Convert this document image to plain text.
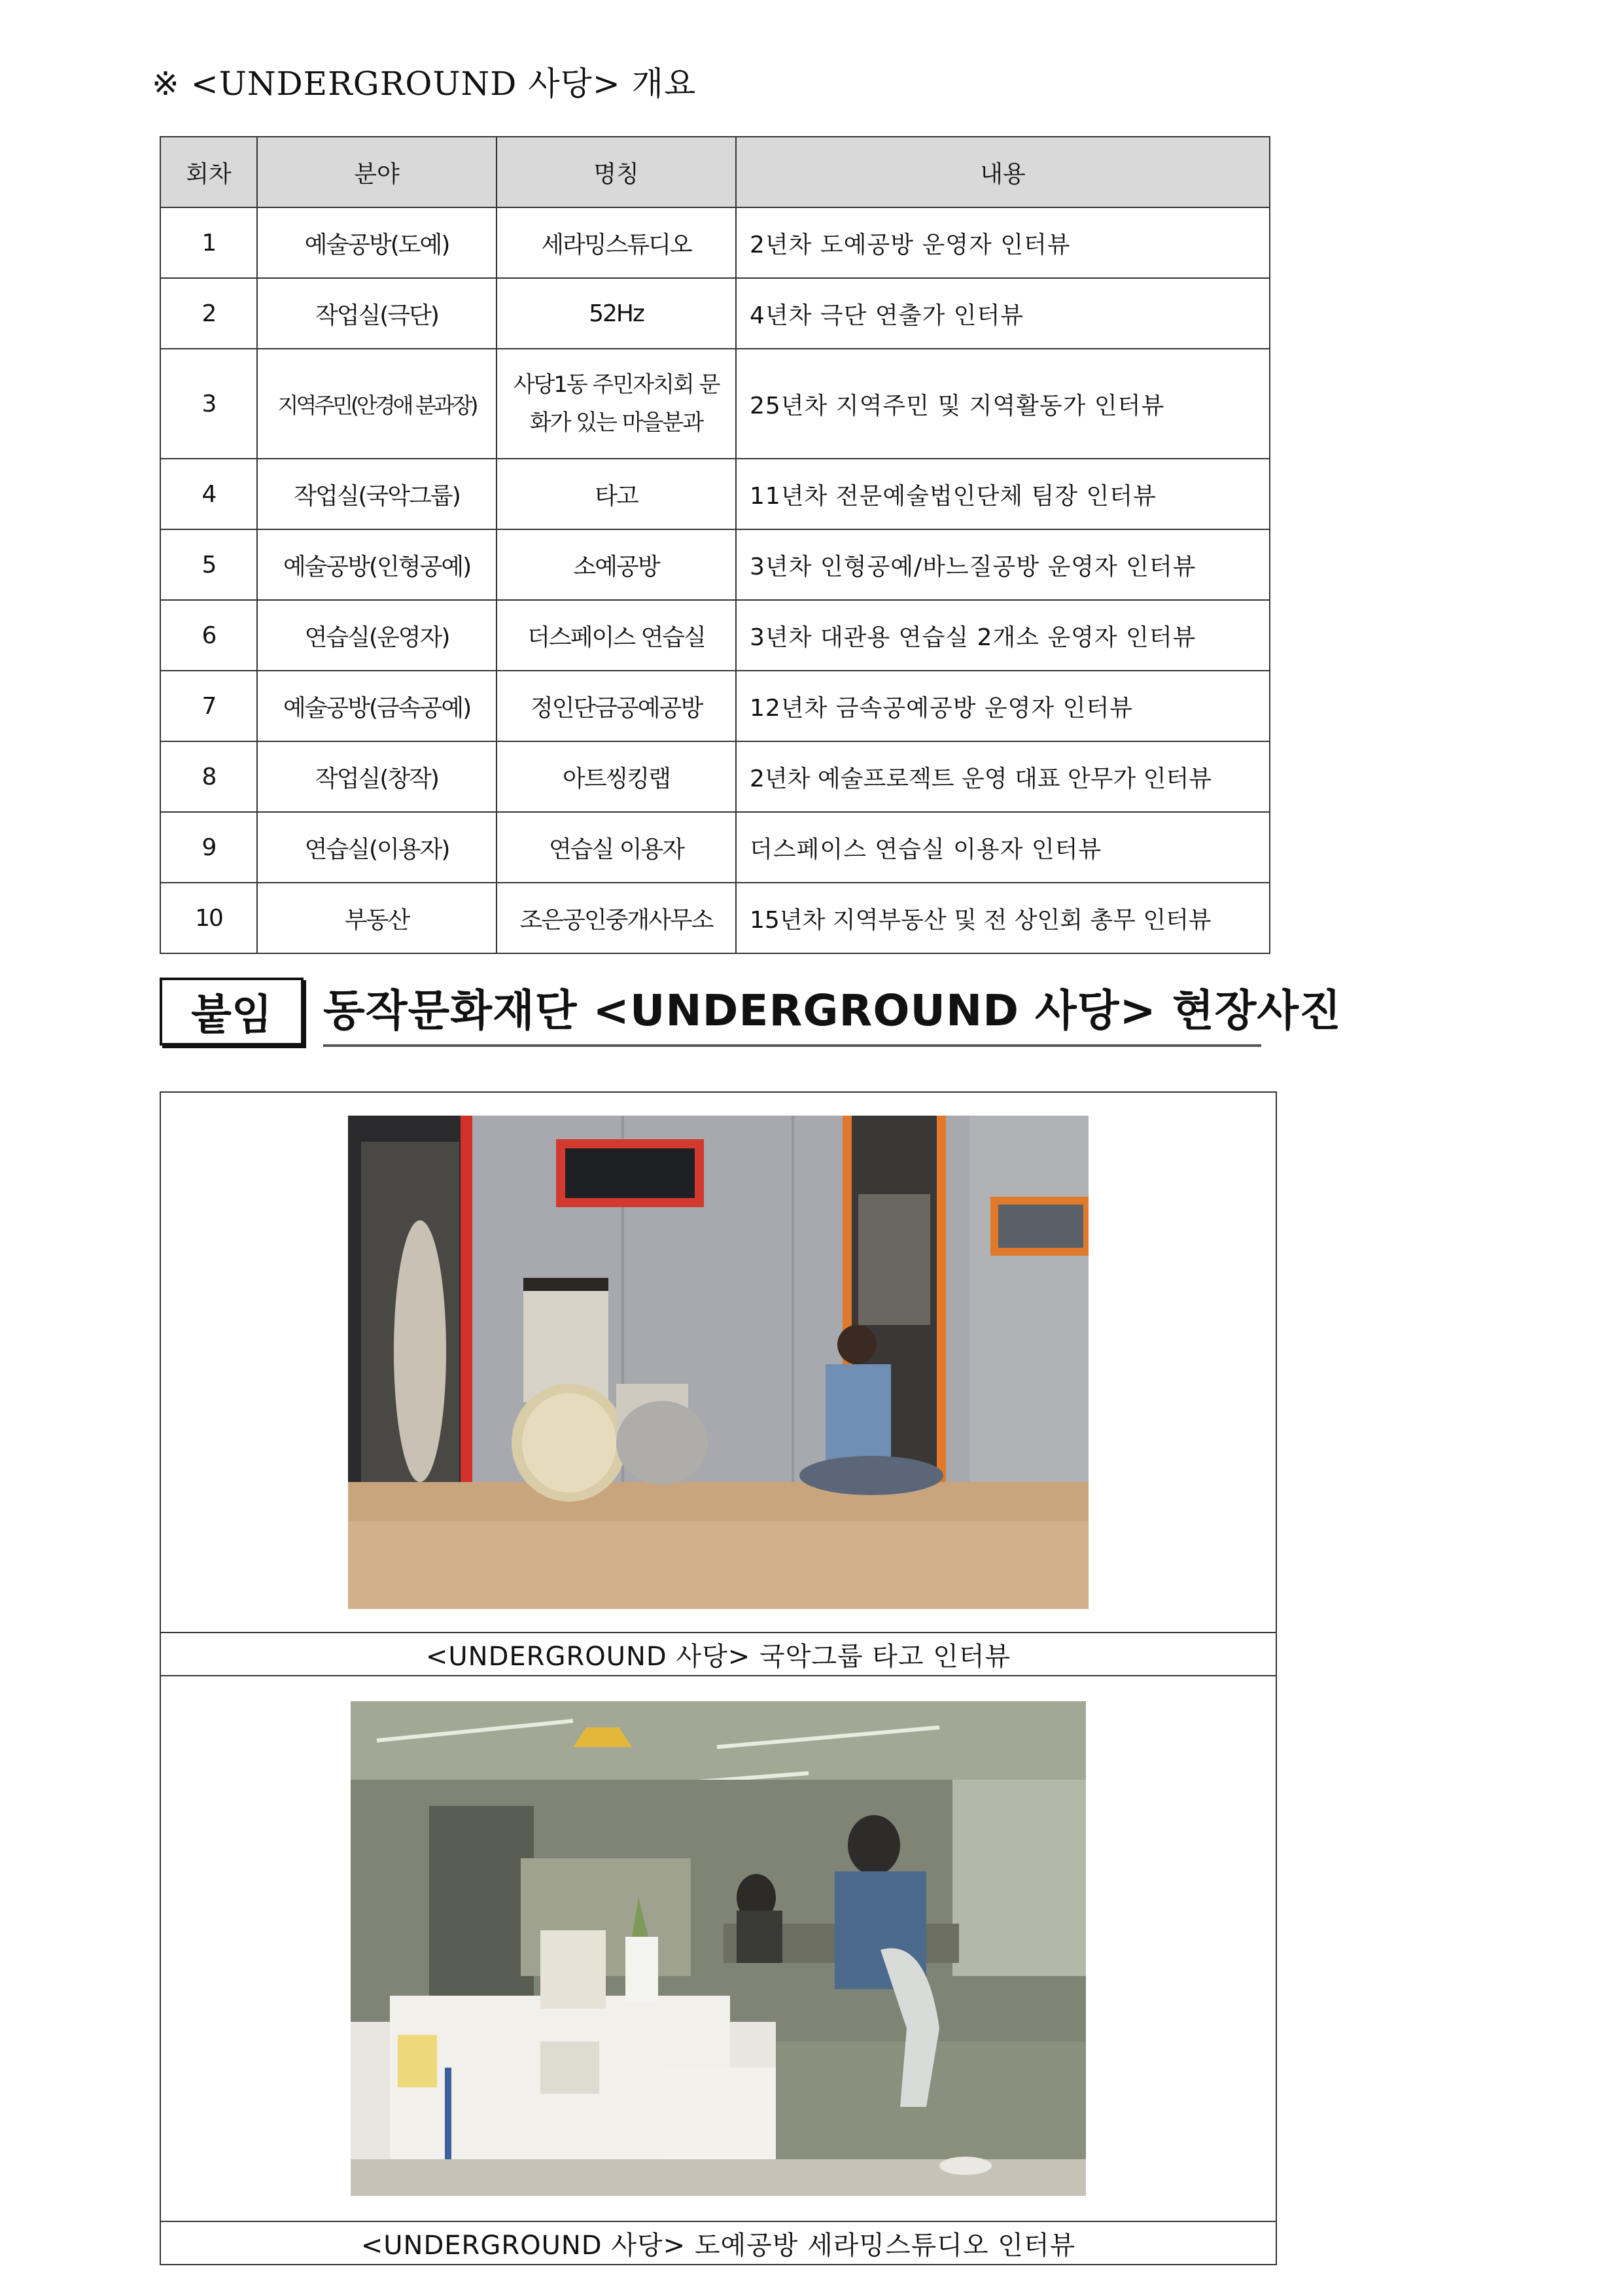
※ <UNDERGROUND 사당> 개요
회차	분야	명칭	내용
1	예술공방(도예)	세라밍스튜디오	2년차 도예공방 운영자 인터뷰
2	작업실(극단)	52Hz	4년차 극단 연출가 인터뷰
3	지역주민(안경애 분과장)	사당1동 주민자치회 문화가 있는 마을분과	25년차 지역주민 및 지역활동가 인터뷰
4	작업실(국악그룹)	타고	11년차 전문예술법인단체 팀장 인터뷰
5	예술공방(인형공예)	소예공방	3년차 인형공예/바느질공방 운영자 인터뷰
6	연습실(운영자)	더스페이스 연습실	3년차 대관용 연습실 2개소 운영자 인터뷰
7	예술공방(금속공예)	정인단금공예공방	12년차 금속공예공방 운영자 인터뷰
8	작업실(창작)	아트씽킹랩	2년차 예술프로젝트 운영 대표 안무가 인터뷰
9	연습실(이용자)	연습실 이용자	더스페이스 연습실 이용자 인터뷰
10	부동산	조은공인중개사무소	15년차 지역부동산 및 전 상인회 총무 인터뷰
붙임	동작문화재단 <UNDERGROUND 사당> 현장사진

<UNDERGROUND 사당> 국악그룹 타고 인터뷰

<UNDERGROUND 사당> 도예공방 세라밍스튜디오 인터뷰
